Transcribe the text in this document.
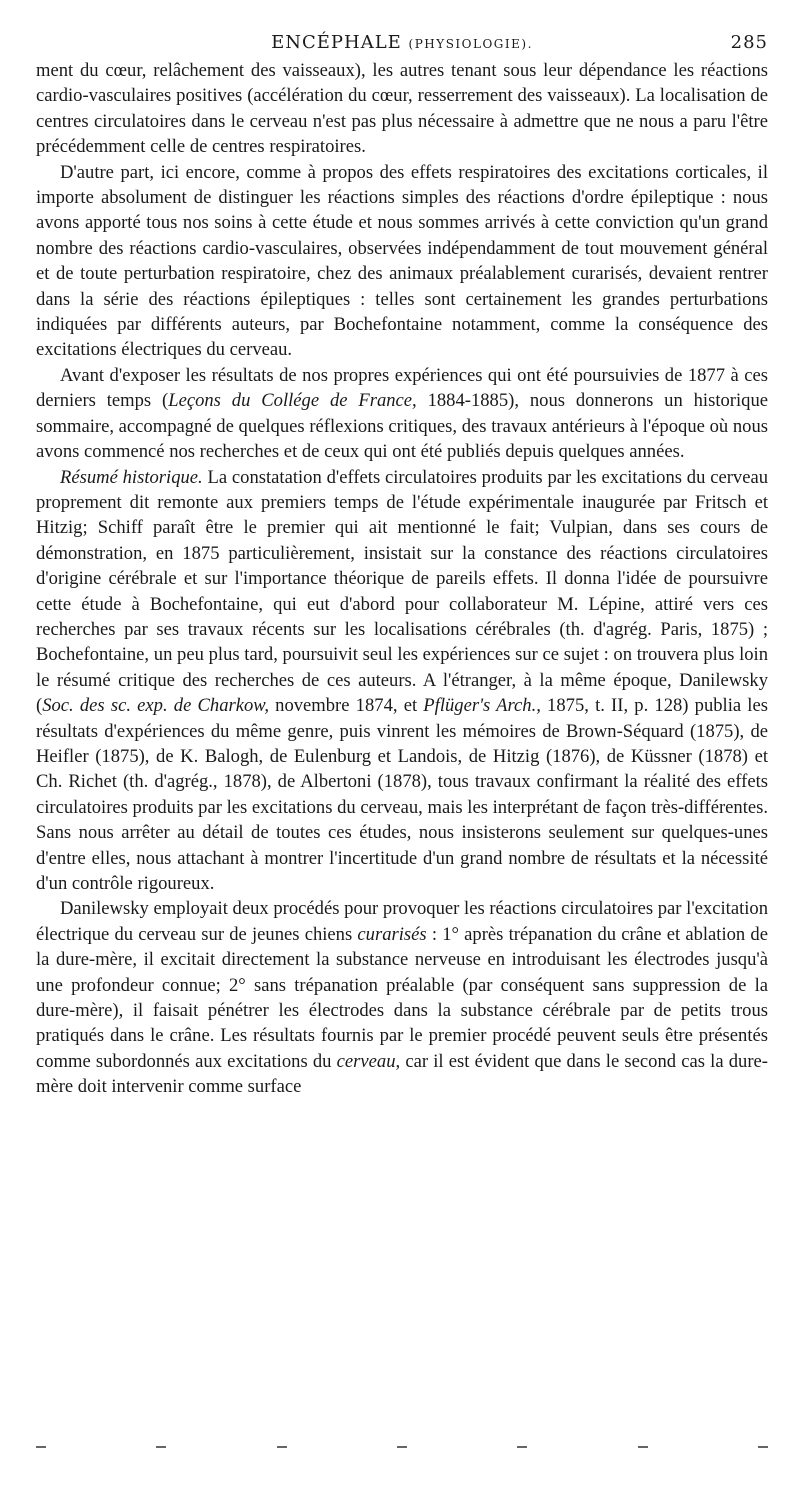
ENCÉPHALE (PHYSIOLOGIE).	285

ment du cœur, relâchement des vaisseaux), les autres tenant sous leur dépendance les réactions cardio-vasculaires positives (accélération du cœur, resserrement des vaisseaux). La localisation de centres circulatoires dans le cerveau n'est pas plus nécessaire à admettre que ne nous a paru l'être précédemment celle de centres respiratoires.

D'autre part, ici encore, comme à propos des effets respiratoires des excitations corticales, il importe absolument de distinguer les réactions simples des réactions d'ordre épileptique : nous avons apporté tous nos soins à cette étude et nous sommes arrivés à cette conviction qu'un grand nombre des réactions cardio-vasculaires, observées indépendamment de tout mouvement général et de toute perturbation respiratoire, chez des animaux préalablement curarisés, devaient rentrer dans la série des réactions épileptiques : telles sont certainement les grandes perturbations indiquées par différents auteurs, par Bochefontaine notamment, comme la conséquence des excitations électriques du cerveau.

Avant d'exposer les résultats de nos propres expériences qui ont été poursuivies de 1877 à ces derniers temps (Leçons du Collége de France, 1884-1885), nous donnerons un historique sommaire, accompagné de quelques réflexions critiques, des travaux antérieurs à l'époque où nous avons commencé nos recherches et de ceux qui ont été publiés depuis quelques années.

Résumé historique. La constatation d'effets circulatoires produits par les excitations du cerveau proprement dit remonte aux premiers temps de l'étude expérimentale inaugurée par Fritsch et Hitzig; Schiff paraît être le premier qui ait mentionné le fait; Vulpian, dans ses cours de démonstration, en 1875 particulièrement, insistait sur la constance des réactions circulatoires d'origine cérébrale et sur l'importance théorique de pareils effets. Il donna l'idée de poursuivre cette étude à Bochefontaine, qui eut d'abord pour collaborateur M. Lépine, attiré vers ces recherches par ses travaux récents sur les localisations cérébrales (th. d'agrég. Paris, 1875) ; Bochefontaine, un peu plus tard, poursuivit seul les expériences sur ce sujet : on trouvera plus loin le résumé critique des recherches de ces auteurs. A l'étranger, à la même époque, Danilewsky (Soc. des sc. exp. de Charkow, novembre 1874, et Pflüger's Arch., 1875, t. II, p. 128) publia les résultats d'expériences du même genre, puis vinrent les mémoires de Brown-Séquard (1875), de Heifler (1875), de K. Balogh, de Eulenburg et Landois, de Hitzig (1876), de Küssner (1878) et Ch. Richet (th. d'agrég., 1878), de Albertoni (1878), tous travaux confirmant la réalité des effets circulatoires produits par les excitations du cerveau, mais les interprétant de façon très-différentes. Sans nous arrêter au détail de toutes ces études, nous insisterons seulement sur quelques-unes d'entre elles, nous attachant à montrer l'incertitude d'un grand nombre de résultats et la nécessité d'un contrôle rigoureux.

Danilewsky employait deux procédés pour provoquer les réactions circulatoires par l'excitation électrique du cerveau sur de jeunes chiens curarisés : 1° après trépanation du crâne et ablation de la dure-mère, il excitait directement la substance nerveuse en introduisant les électrodes jusqu'à une profondeur connue; 2° sans trépanation préalable (par conséquent sans suppression de la dure-mère), il faisait pénétrer les électrodes dans la substance cérébrale par de petits trous pratiqués dans le crâne. Les résultats fournis par le premier procédé peuvent seuls être présentés comme subordonnés aux excitations du cerveau, car il est évident que dans le second cas la dure-mère doit intervenir comme surface
